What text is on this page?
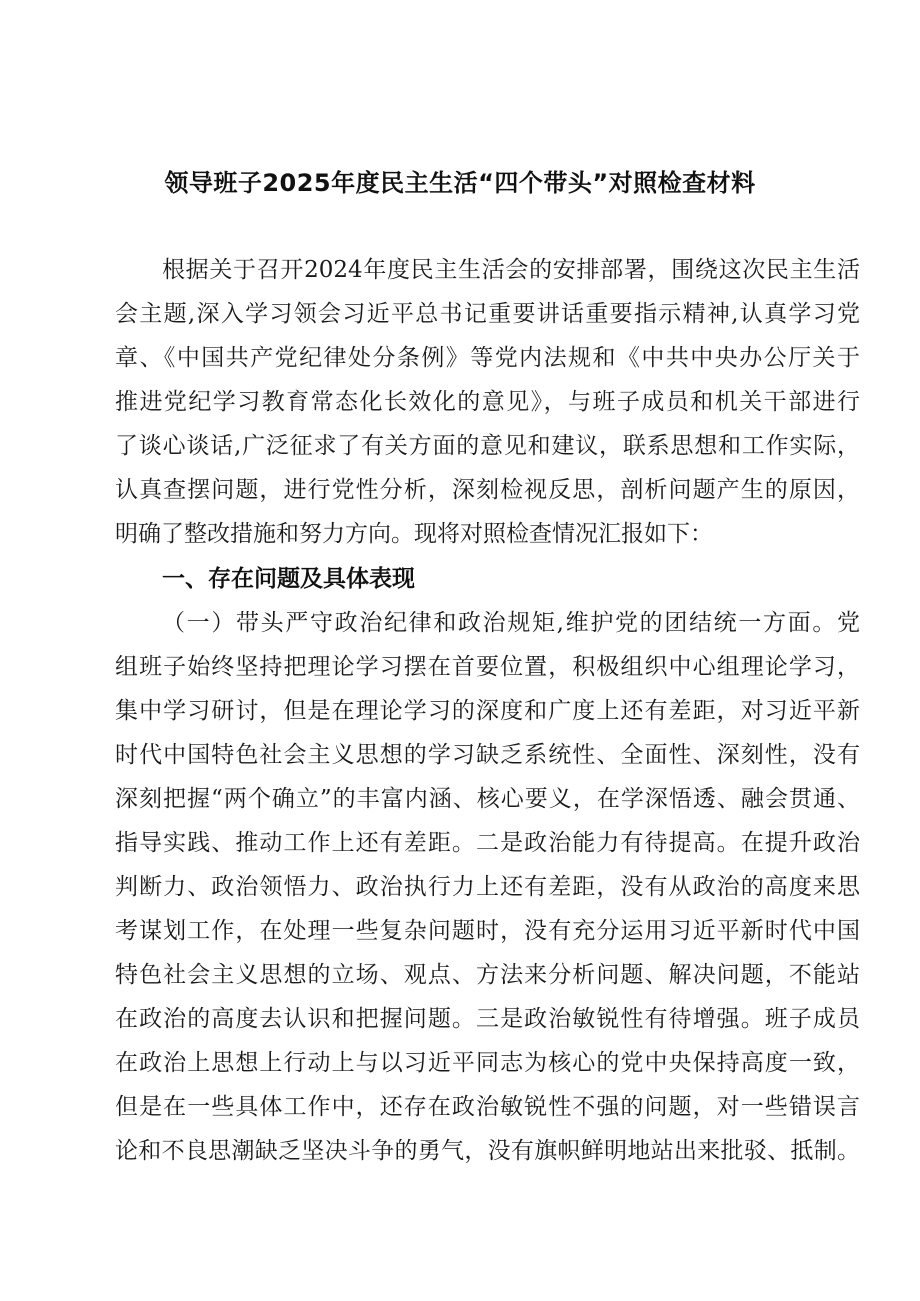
领导班子2025年度民主生活“四个带头”对照检查材料
根据关于召开2024年度民主生活会的安排部署，围绕这次民主生活
会主题,深入学习领会习近平总书记重要讲话重要指示精神,认真学习党
章、《中国共产党纪律处分条例》等党内法规和《中共中央办公厅关于
推进党纪学习教育常态化长效化的意见》，与班子成员和机关干部进行
了谈心谈话,广泛征求了有关方面的意见和建议，联系思想和工作实际，
认真查摆问题，进行党性分析，深刻检视反思，剖析问题产生的原因，
明确了整改措施和努力方向。现将对照检查情况汇报如下：
一、存在问题及具体表现
（一）带头严守政治纪律和政治规矩,维护党的团结统一方面。党
组班子始终坚持把理论学习摆在首要位置，积极组织中心组理论学习，
集中学习研讨，但是在理论学习的深度和广度上还有差距，对习近平新
时代中国特色社会主义思想的学习缺乏系统性、全面性、深刻性，没有
深刻把握“两个确立”的丰富内涵、核心要义，在学深悟透、融会贯通、
指导实践、推动工作上还有差距。二是政治能力有待提高。在提升政治
判断力、政治领悟力、政治执行力上还有差距，没有从政治的高度来思
考谋划工作，在处理一些复杂问题时，没有充分运用习近平新时代中国
特色社会主义思想的立场、观点、方法来分析问题、解决问题，不能站
在政治的高度去认识和把握问题。三是政治敏锐性有待增强。班子成员
在政治上思想上行动上与以习近平同志为核心的党中央保持高度一致，
但是在一些具体工作中，还存在政治敏锐性不强的问题，对一些错误言
论和不良思潮缺乏坚决斗争的勇气，没有旗帜鲜明地站出来批驳、抵制。
